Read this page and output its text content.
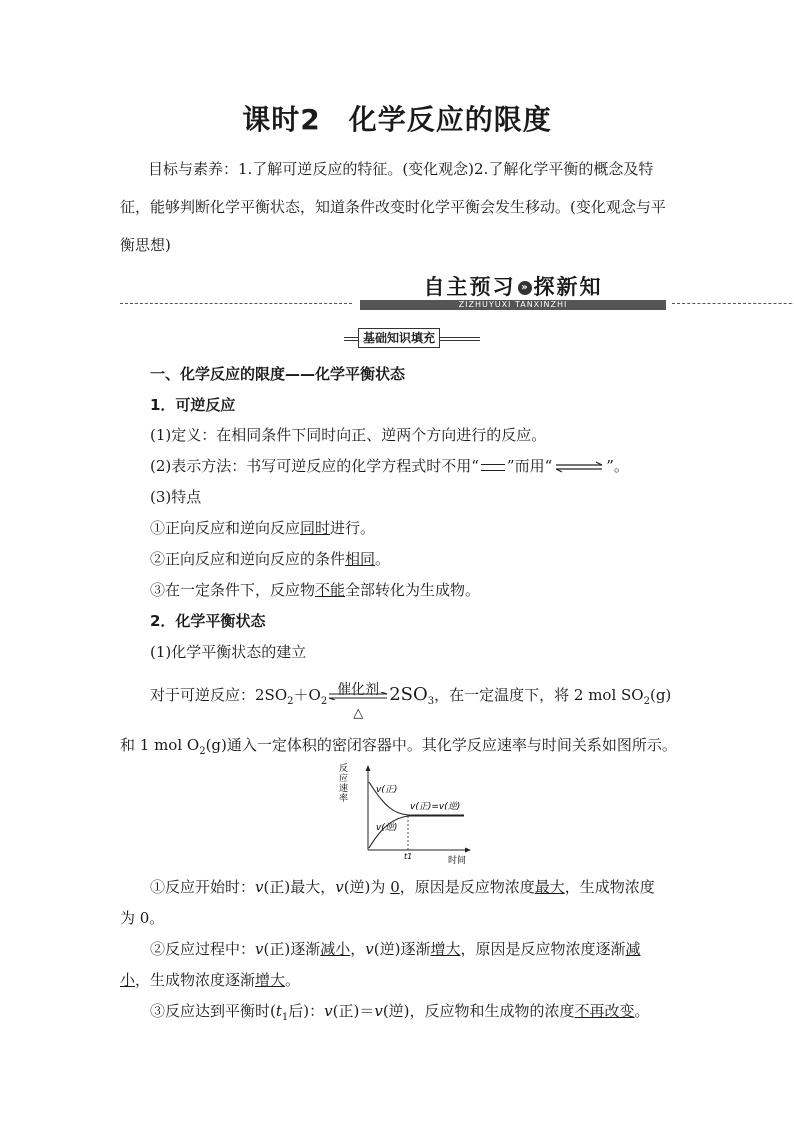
课时2 化学反应的限度
目标与素养：1.了解可逆反应的特征。(变化观念)2.了解化学平衡的概念及特征，能够判断化学平衡状态，知道条件改变时化学平衡会发生移动。(变化观念与平衡思想)
自主预习 » 探新知
ZIZHUYUXI TANXINZHI
基础知识填充
一、化学反应的限度——化学平衡状态
1．可逆反应
(1)定义：在相同条件下同时向正、逆两个方向进行的反应。
(2)表示方法：书写可逆反应的化学方程式时不用“ ”而用“ ⇌ ”。
(3)特点
①正向反应和逆向反应同时进行。
②正向反应和逆向反应的条件相同。
③在一定条件下，反应物不能全部转化为生成物。
2．化学平衡状态
(1)化学平衡状态的建立
对于可逆反应：$2SO_2+O_2$
催化剂
△
$2SO_3$，在一定温度下，将 2 mol $SO_2(g)$
和 1 mol $O_2(g)$通入一定体积的密闭容器中。其化学反应速率与时间关系如图所示。
反
应
速
率
v(正)
v(逆)
v(正)=v(逆)
t1	时间
①反应开始时：v(正)最大，v(逆)为 0，原因是反应物浓度最大，生成物浓度
为 0。
②反应过程中：v(正)逐渐减小，v(逆)逐渐增大，原因是反应物浓度逐渐减
小，生成物浓度逐渐增大。
③反应达到平衡时($t_1$后)：v(正)＝v(逆)，反应物和生成物的浓度不再改变。
